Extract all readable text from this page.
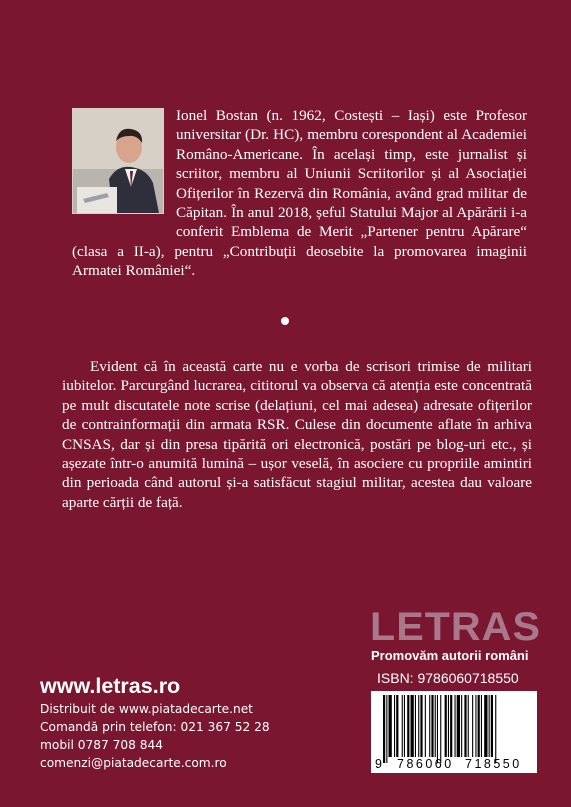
Ionel Bostan (n. 1962, Costești – Iași) este Profesor universitar (Dr. HC), membru corespondent al Academiei Româno-Americane. În același timp, este jurnalist și scriitor, membru al Uniunii Scriitorilor și al Asociației Ofițerilor în Rezervă din România, având grad militar de Căpitan. În anul 2018, șeful Statului Major al Apărării i-a conferit Emblema de Merit „Partener pentru Apărare“ (clasa a II-a), pentru „Contribuții deosebite la promovarea imaginii Armatei României“.
Evident că în această carte nu e vorba de scrisori trimise de militari iubitelor. Parcurgând lucrarea, cititorul va observa că atenția este concentrată pe mult discutatele note scrise (delațiuni, cel mai adesea) adresate ofițerilor de contrainformații din armata RSR. Culese din documente aflate în arhiva CNSAS, dar și din presa tipărită ori electronică, postări pe blog-uri etc., și așezate într-o anumită lumină – ușor veselă, în asociere cu propriile amintiri din perioada când autorul și-a satisfăcut stagiul militar, acestea dau valoare aparte cărții de față.
LETRAS
Promovăm autorii români
ISBN: 9786060718550
9 786060 718550
www.letras.ro
Distribuit de www.piatadecarte.net
Comandă prin telefon: 021 367 52 28
mobil 0787 708 844
comenzi@piatadecarte.com.ro
